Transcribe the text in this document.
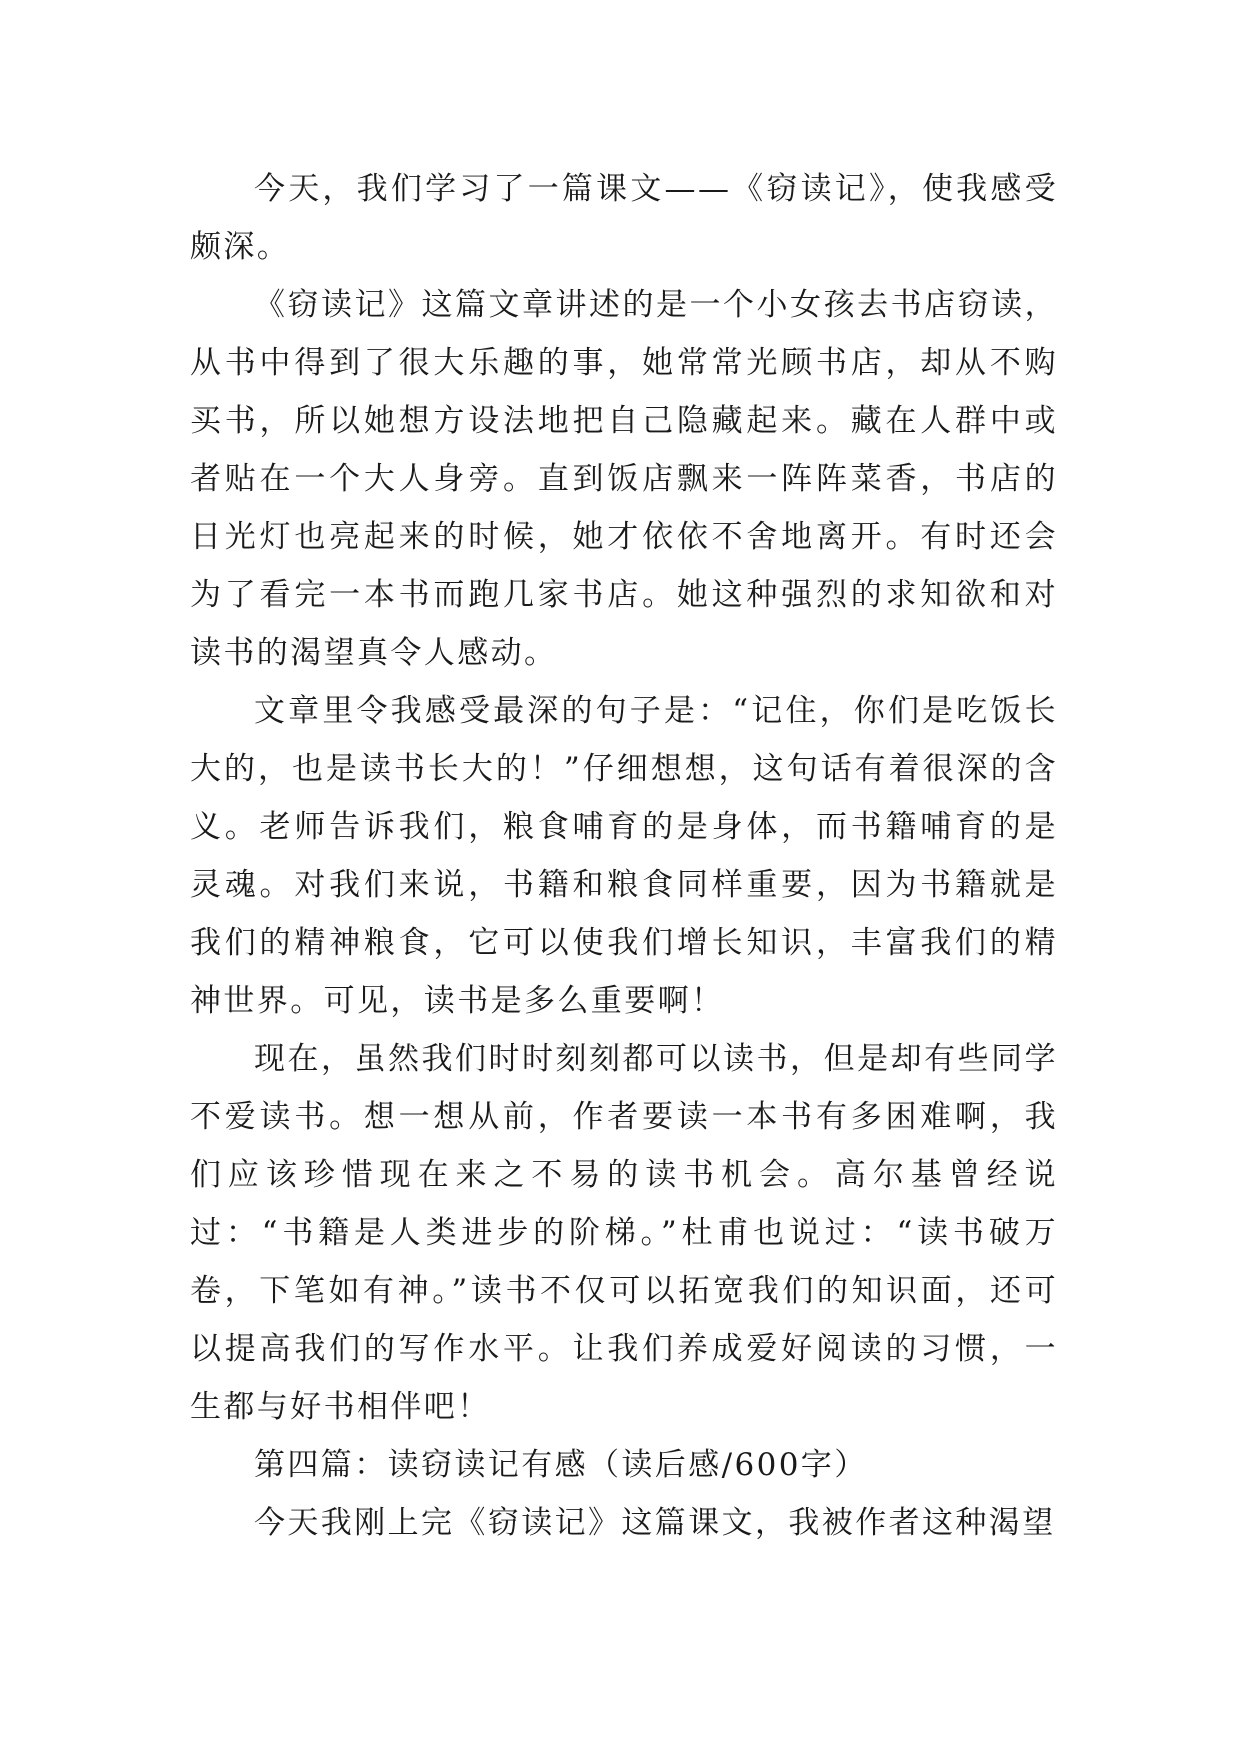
今天，我们学习了一篇课文——《窃读记》，使我感受颇深。

《窃读记》这篇文章讲述的是一个小女孩去书店窃读，从书中得到了很大乐趣的事，她常常光顾书店，却从不购买书，所以她想方设法地把自己隐藏起来。藏在人群中或者贴在一个大人身旁。直到饭店飘来一阵阵菜香，书店的日光灯也亮起来的时候，她才依依不舍地离开。有时还会为了看完一本书而跑几家书店。她这种强烈的求知欲和对读书的渴望真令人感动。

文章里令我感受最深的句子是：“记住，你们是吃饭长大的，也是读书长大的！”仔细想想，这句话有着很深的含义。老师告诉我们，粮食哺育的是身体，而书籍哺育的是灵魂。对我们来说，书籍和粮食同样重要，因为书籍就是我们的精神粮食，它可以使我们增长知识，丰富我们的精神世界。可见，读书是多么重要啊！

现在，虽然我们时时刻刻都可以读书，但是却有些同学不爱读书。想一想从前，作者要读一本书有多困难啊，我们应该珍惜现在来之不易的读书机会。高尔基曾经说过：“书籍是人类进步的阶梯。”杜甫也说过：“读书破万卷，下笔如有神。”读书不仅可以拓宽我们的知识面，还可以提高我们的写作水平。让我们养成爱好阅读的习惯，一生都与好书相伴吧！

第四篇：读窃读记有感（读后感/600字）

今天我刚上完《窃读记》这篇课文，我被作者这种渴望
